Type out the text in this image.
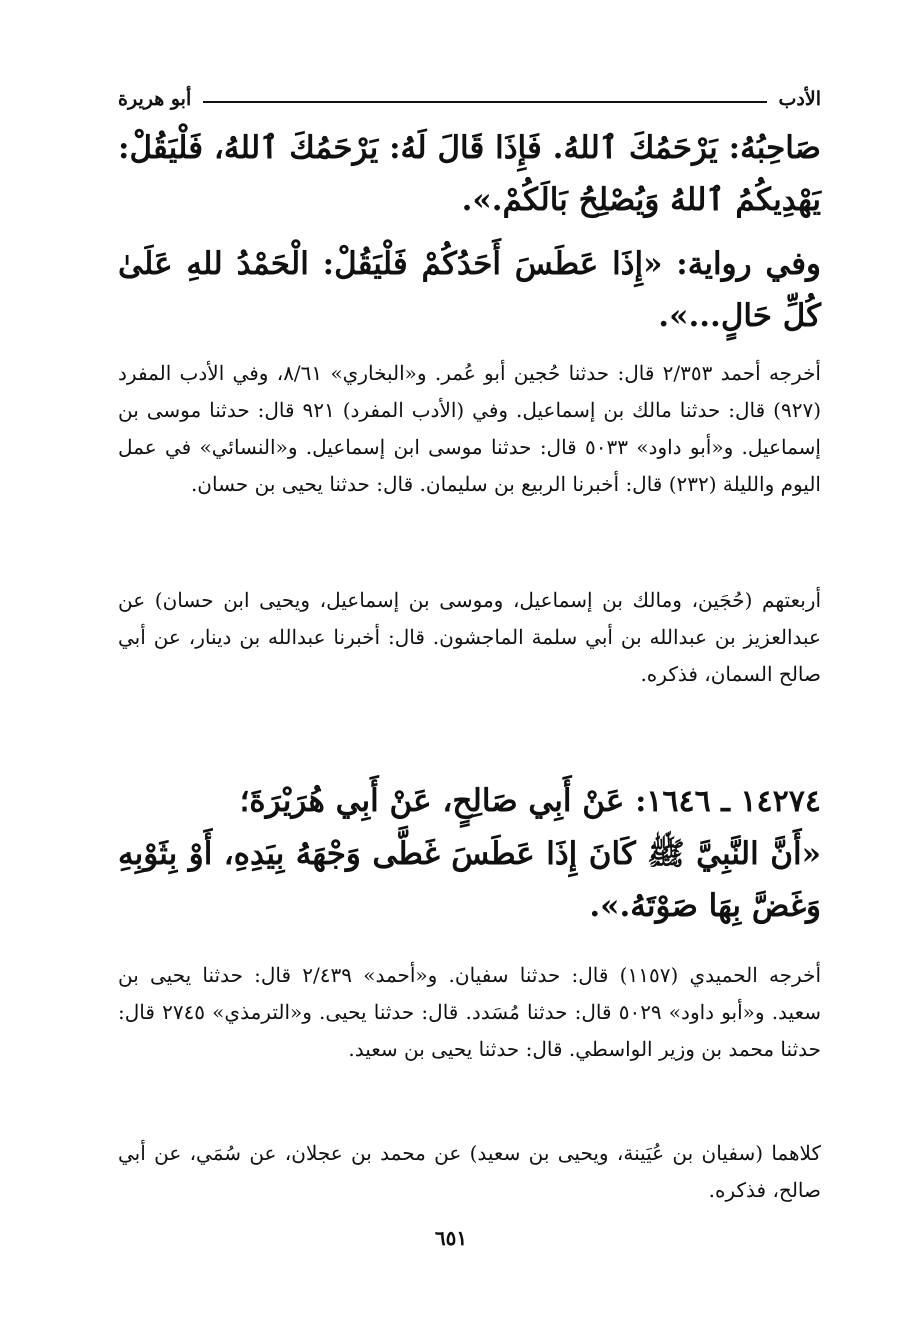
الأدب
أبو هريرة

صَاحِبُهُ: يَرْحَمُكَ ٱللهُ. فَإِذَا قَالَ لَهُ: يَرْحَمُكَ ٱللهُ، فَلْيَقُلْ: يَهْدِيكُمُ ٱللهُ وَيُصْلِحُ بَالَكُمْ.».

وفي رواية: «إِذَا عَطَسَ أَحَدُكُمْ فَلْيَقُلْ: الْحَمْدُ للهِ عَلَىٰ كُلِّ حَالٍ...».

أخرجه أحمد ٢/٣٥٣ قال: حدثنا حُجين أبو عُمر. و«البخاري» ٨/٦١، وفي الأدب المفرد (٩٢٧) قال: حدثنا مالك بن إسماعيل. وفي (الأدب المفرد) ٩٢١ قال: حدثنا موسى بن إسماعيل. و«أبو داود» ٥٠٣٣ قال: حدثنا موسى ابن إسماعيل. و«النسائي» في عمل اليوم والليلة (٢٣٢) قال: أخبرنا الربيع بن سليمان. قال: حدثنا يحيى بن حسان.

أربعتهم (حُجَين، ومالك بن إسماعيل، وموسى بن إسماعيل، ويحيى ابن حسان) عن عبدالعزيز بن عبدالله بن أبي سلمة الماجشون. قال: أخبرنا عبدالله بن دينار، عن أبي صالح السمان، فذكره.

١٤٢٧٤ ـ ١٦٤٦: عَنْ أَبِي صَالِحٍ، عَنْ أَبِي هُرَيْرَةَ؛
«أَنَّ النَّبِيَّ ﷺ كَانَ إِذَا عَطَسَ غَطَّى وَجْهَهُ بِيَدِهِ، أَوْ بِثَوْبِهِ وَغَضَّ بِهَا صَوْتَهُ.».

أخرجه الحميدي (١١٥٧) قال: حدثنا سفيان. و«أحمد» ٢/٤٣٩ قال: حدثنا يحيى بن سعيد. و«أبو داود» ٥٠٢٩ قال: حدثنا مُسَدد. قال: حدثنا يحيى. و«الترمذي» ٢٧٤٥ قال: حدثنا محمد بن وزير الواسطي. قال: حدثنا يحيى بن سعيد.

كلاهما (سفيان بن عُيَينة، ويحيى بن سعيد) عن محمد بن عجلان، عن سُمَي، عن أبي صالح، فذكره.

٦٥١
